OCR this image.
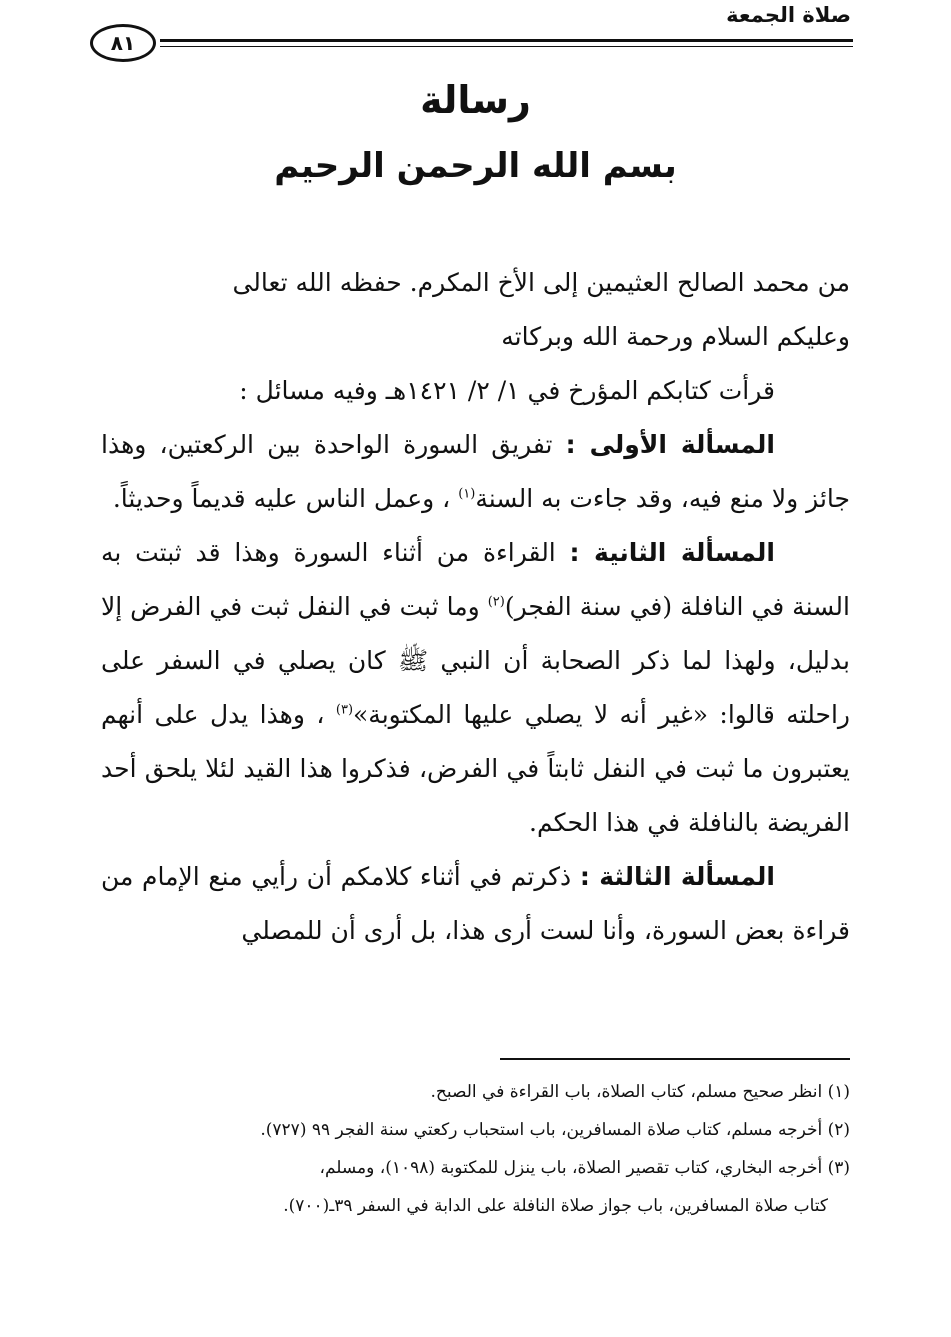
صلاة الجمعة
٨١
رسالة
بسم الله الرحمن الرحيم

من محمد الصالح العثيمين إلى الأخ المكرم. حفظه الله تعالى

وعليكم السلام ورحمة الله وبركاته

قرأت كتابكم المؤرخ في ١/ ٢/ ١٤٢١هـ وفيه مسائل :

المسألة الأولى : تفريق السورة الواحدة بين الركعتين، وهذا جائز ولا منع فيه، وقد جاءت به السنة$^{(١)}$ ، وعمل الناس عليه قديماً وحديثاً.

المسألة الثانية : القراءة من أثناء السورة وهذا قد ثبتت به السنة في النافلة (في سنة الفجر)$^{(٢)}$ وما ثبت في النفل ثبت في الفرض إلا بدليل، ولهذا لما ذكر الصحابة أن النبي ﷺ كان يصلي في السفر على راحلته قالوا: «غير أنه لا يصلي عليها المكتوبة»$^{(٣)}$ ، وهذا يدل على أنهم يعتبرون ما ثبت في النفل ثابتاً في الفرض، فذكروا هذا القيد لئلا يلحق أحد الفريضة بالنافلة في هذا الحكم.

المسألة الثالثة : ذكرتم في أثناء كلامكم أن رأيي منع الإمام من قراءة بعض السورة، وأنا لست أرى هذا، بل أرى أن للمصلي

(١) انظر صحيح مسلم، كتاب الصلاة، باب القراءة في الصبح.

(٢) أخرجه مسلم، كتاب صلاة المسافرين، باب استحباب ركعتي سنة الفجر ٩٩ (٧٢٧).

(٣) أخرجه البخاري، كتاب تقصير الصلاة، باب ينزل للمكتوبة (١٠٩٨)، ومسلم،

كتاب صلاة المسافرين، باب جواز صلاة النافلة على الدابة في السفر ٣٩ـ(٧٠٠).
